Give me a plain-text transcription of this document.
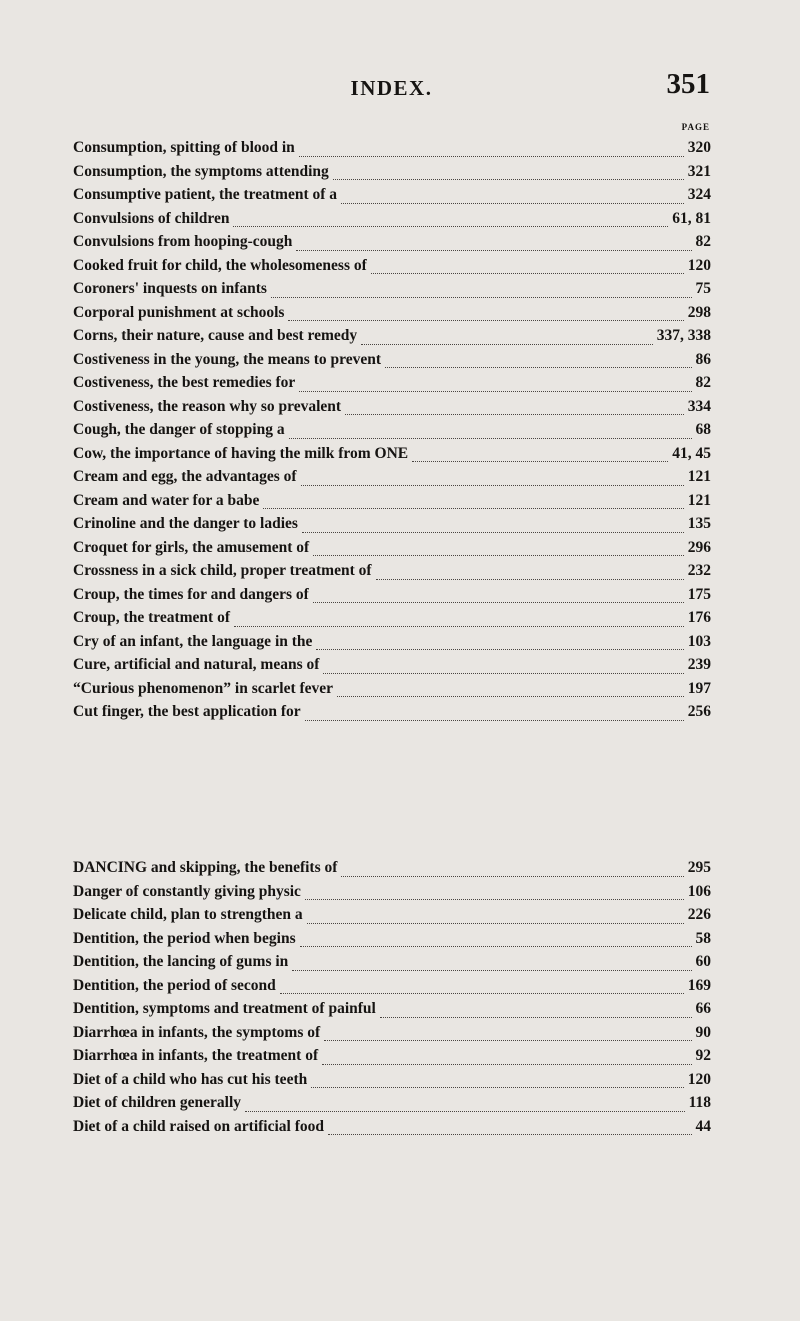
INDEX.	351
PAGE
Consumption, spitting of blood in	320
Consumption, the symptoms attending	321
Consumptive patient, the treatment of a	324
Convulsions of children	61, 81
Convulsions from hooping-cough	82
Cooked fruit for child, the wholesomeness of	120
Coroners' inquests on infants	75
Corporal punishment at schools	298
Corns, their nature, cause and best remedy	337, 338
Costiveness in the young, the means to prevent	86
Costiveness, the best remedies for	82
Costiveness, the reason why so prevalent	334
Cough, the danger of stopping a	68
Cow, the importance of having the milk from ONE	41, 45
Cream and egg, the advantages of	121
Cream and water for a babe	121
Crinoline and the danger to ladies	135
Croquet for girls, the amusement of	296
Crossness in a sick child, proper treatment of	232
Croup, the times for and dangers of	175
Croup, the treatment of	176
Cry of an infant, the language in the	103
Cure, artificial and natural, means of	239
“Curious phenomenon” in scarlet fever	197
Cut finger, the best application for	256
DANCING and skipping, the benefits of	295
Danger of constantly giving physic	106
Delicate child, plan to strengthen a	226
Dentition, the period when begins	58
Dentition, the lancing of gums in	60
Dentition, the period of second	169
Dentition, symptoms and treatment of painful	66
Diarrhœa in infants, the symptoms of	90
Diarrhœa in infants, the treatment of	92
Diet of a child who has cut his teeth	120
Diet of children generally	118
Diet of a child raised on artificial food	44
